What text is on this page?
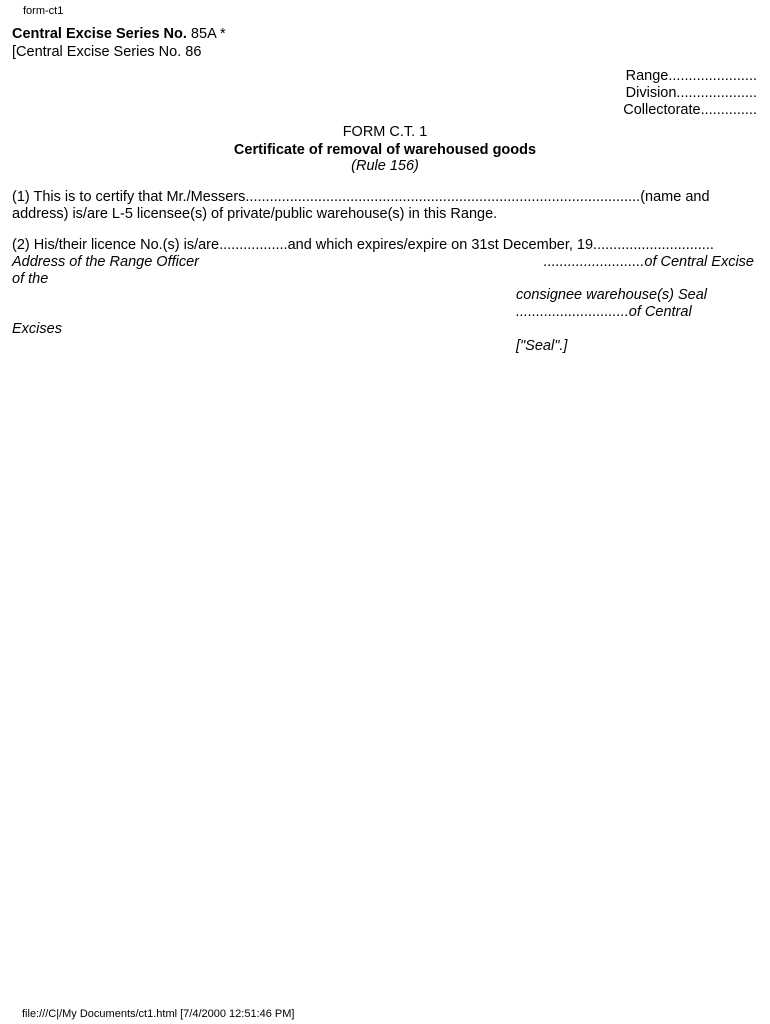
form-ct1
Central Excise Series No. 85A *
[Central Excise Series No. 86
Range......................
Division....................
Collectorate..............
FORM C.T. 1
Certificate of removal of warehoused goods
(Rule 156)
(1) This is to certify that Mr./Messers..................................................................................................(name and address) is/are L-5 licensee(s) of private/public warehouse(s) in this Range.
(2) His/their licence No.(s) is/are.................and which expires/expire on 31st December, 19..............................
Address of the Range Officer
of the
.........................of Central Excise
consignee warehouse(s) Seal
............................of Central
Excises
["Seal".]
file:///C|/My Documents/ct1.html [7/4/2000 12:51:46 PM]
